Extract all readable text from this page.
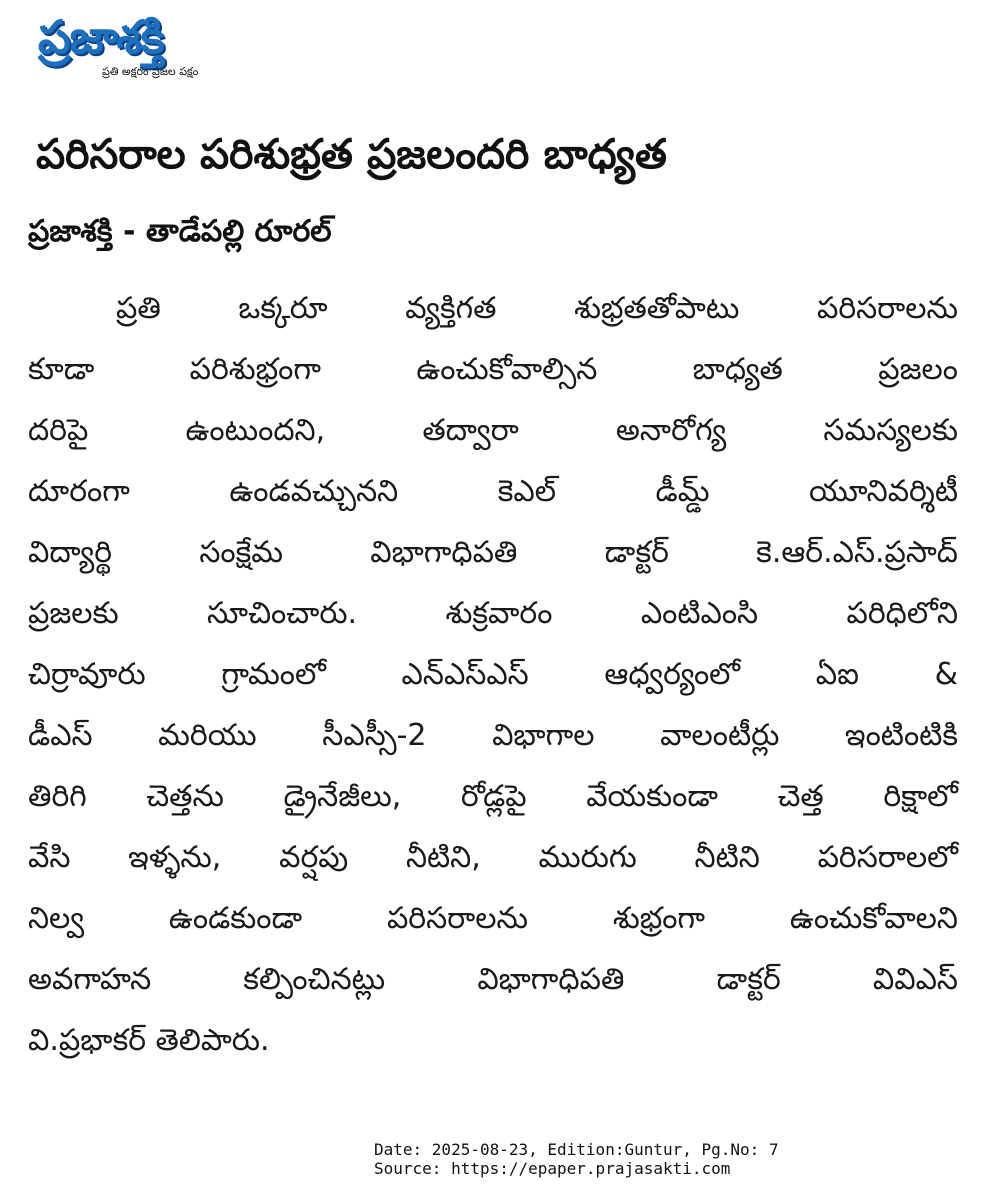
ప్రజాశక్తి
ప్రతి అక్షరం ప్రజల పక్షం
పరిసరాల పరిశుభ్రత ప్రజలందరి బాధ్యత
ప్రజాశక్తి - తాడేపల్లి రూరల్
ప్రతి ఒక్కరూ వ్యక్తిగత శుభ్రతతోపాటు పరిసరాలను
కూడా పరిశుభ్రంగా ఉంచుకోవాల్సిన బాధ్యత ప్రజలం
దరిపై ఉంటుందని, తద్వారా అనారోగ్య సమస్యలకు
దూరంగా ఉండవచ్చునని కెఎల్ డీమ్డ్ యూనివర్శిటీ
విద్యార్థి సంక్షేమ విభాగాధిపతి డాక్టర్ కె.ఆర్.ఎస్.ప్రసాద్
ప్రజలకు సూచించారు. శుక్రవారం ఎంటిఎంసి పరిధిలోని
చిర్రావూరు గ్రామంలో ఎన్ఎస్ఎస్ ఆధ్వర్యంలో ఏఐ &
డీఎస్ మరియు సీఎస్సీ-2 విభాగాల వాలంటీర్లు ఇంటింటికి
తిరిగి చెత్తను డ్రైనేజీలు, రోడ్లపై వేయకుండా చెత్త రిక్షాలో
వేసి ఇళ్ళను, వర్షపు నీటిని, మురుగు నీటిని పరిసరాలలో
నిల్వ ఉండకుండా పరిసరాలను శుభ్రంగా ఉంచుకోవాలని
అవగాహన కల్పించినట్లు విభాగాధిపతి డాక్టర్ వివిఎస్
వి.ప్రభాకర్ తెలిపారు.
Date: 2025-08-23, Edition:Guntur, Pg.No: 7
Source: https://epaper.prajasakti.com
